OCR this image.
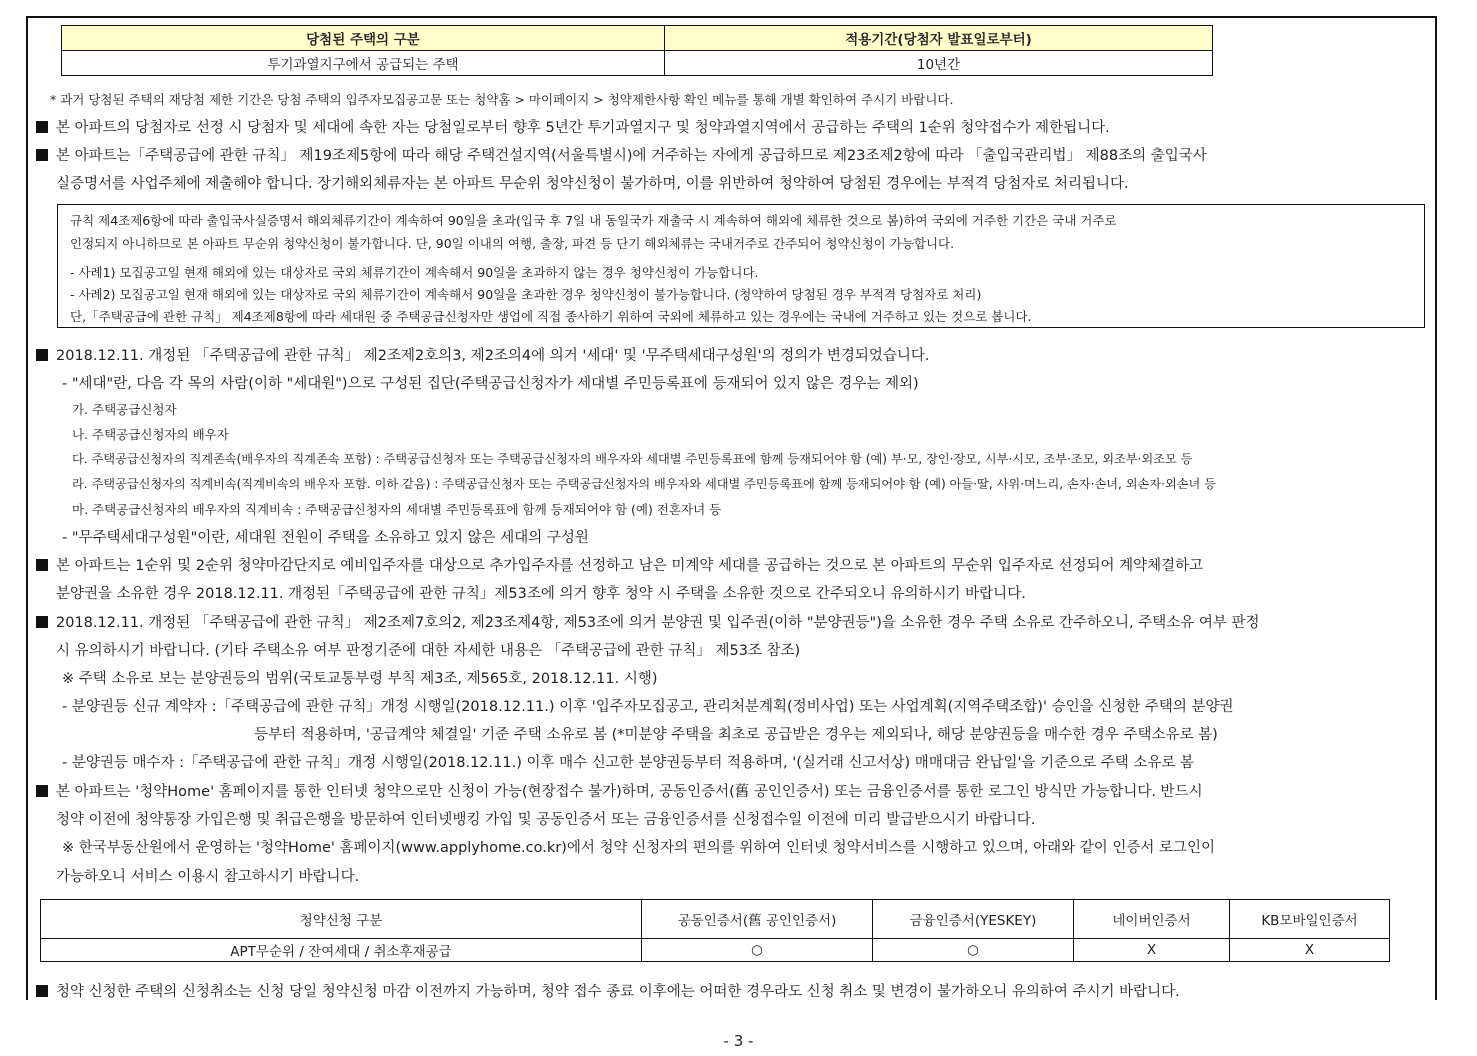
당첨된 주택의 구분	적용기간(당첨자 발표일로부터)
투기과열지구에서 공급되는 주택	10년간
* 과거 당첨된 주택의 재당첨 제한 기간은 당첨 주택의 입주자모집공고문 또는 청약홈 > 마이페이지 > 청약제한사항 확인 메뉴를 통해 개별 확인하여 주시기 바랍니다.
본 아파트의 당첨자로 선정 시 당첨자 및 세대에 속한 자는 당첨일로부터 향후 5년간 투기과열지구 및 청약과열지역에서 공급하는 주택의 1순위 청약접수가 제한됩니다.
본 아파트는「주택공급에 관한 규칙」 제19조제5항에 따라 해당 주택건설지역(서울특별시)에 거주하는 자에게 공급하므로 제23조제2항에 따라 「출입국관리법」 제88조의 출입국사
실증명서를 사업주체에 제출해야 합니다. 장기해외체류자는 본 아파트 무순위 청약신청이 불가하며, 이를 위반하여 청약하여 당첨된 경우에는 부적격 당첨자로 처리됩니다.
규칙 제4조제6항에 따라 출입국사실증명서 해외체류기간이 계속하여 90일을 초과(입국 후 7일 내 동일국가 재출국 시 계속하여 해외에 체류한 것으로 봄)하여 국외에 거주한 기간은 국내 거주로
인정되지 아니하므로 본 아파트 무순위 청약신청이 불가합니다. 단, 90일 이내의 여행, 출장, 파견 등 단기 해외체류는 국내거주로 간주되어 청약신청이 가능합니다.
- 사례1) 모집공고일 현재 해외에 있는 대상자로 국외 체류기간이 계속해서 90일을 초과하지 않는 경우 청약신청이 가능합니다.
- 사례2) 모집공고일 현재 해외에 있는 대상자로 국외 체류기간이 계속해서 90일을 초과한 경우 청약신청이 불가능합니다. (청약하여 당첨된 경우 부적격 당첨자로 처리)
단,「주택공급에 관한 규칙」 제4조제8항에 따라 세대원 중 주택공급신청자만 생업에 직접 종사하기 위하여 국외에 체류하고 있는 경우에는 국내에 거주하고 있는 것으로 봅니다.
2018.12.11. 개정된 「주택공급에 관한 규칙」 제2조제2호의3, 제2조의4에 의거 '세대' 및 '무주택세대구성원'의 정의가 변경되었습니다.
- "세대"란, 다음 각 목의 사람(이하 "세대원")으로 구성된 집단(주택공급신청자가 세대별 주민등록표에 등재되어 있지 않은 경우는 제외)
가. 주택공급신청자
나. 주택공급신청자의 배우자
다. 주택공급신청자의 직계존속(배우자의 직계존속 포함) : 주택공급신청자 또는 주택공급신청자의 배우자와 세대별 주민등록표에 함께 등재되어야 함 (예) 부·모, 장인·장모, 시부·시모, 조부·조모, 외조부·외조모 등
라. 주택공급신청자의 직계비속(직계비속의 배우자 포함. 이하 같음) : 주택공급신청자 또는 주택공급신청자의 배우자와 세대별 주민등록표에 함께 등재되어야 함 (예) 아들·딸, 사위·며느리, 손자·손녀, 외손자·외손녀 등
마. 주택공급신청자의 배우자의 직계비속 : 주택공급신청자의 세대별 주민등록표에 함께 등재되어야 함 (예) 전혼자녀 등
- "무주택세대구성원"이란, 세대원 전원이 주택을 소유하고 있지 않은 세대의 구성원
본 아파트는 1순위 및 2순위 청약마감단지로 예비입주자를 대상으로 추가입주자를 선정하고 남은 미계약 세대를 공급하는 것으로 본 아파트의 무순위 입주자로 선정되어 계약체결하고
분양권을 소유한 경우 2018.12.11. 개정된「주택공급에 관한 규칙」제53조에 의거 향후 청약 시 주택을 소유한 것으로 간주되오니 유의하시기 바랍니다.
2018.12.11. 개정된 「주택공급에 관한 규칙」 제2조제7호의2, 제23조제4항, 제53조에 의거 분양권 및 입주권(이하 "분양권등")을 소유한 경우 주택 소유로 간주하오니, 주택소유 여부 판정
시 유의하시기 바랍니다. (기타 주택소유 여부 판정기준에 대한 자세한 내용은 「주택공급에 관한 규칙」 제53조 참조)
※ 주택 소유로 보는 분양권등의 범위(국토교통부령 부칙 제3조, 제565호, 2018.12.11. 시행)
- 분양권등 신규 계약자 :「주택공급에 관한 규칙」개정 시행일(2018.12.11.) 이후 '입주자모집공고, 관리처분계획(정비사업) 또는 사업계획(지역주택조합)' 승인을 신청한 주택의 분양권
등부터 적용하며, '공급계약 체결일' 기준 주택 소유로 봄 (*미분양 주택을 최초로 공급받은 경우는 제외되나, 해당 분양권등을 매수한 경우 주택소유로 봄)
- 분양권등 매수자 :「주택공급에 관한 규칙」개정 시행일(2018.12.11.) 이후 매수 신고한 분양권등부터 적용하며, '(실거래 신고서상) 매매대금 완납일'을 기준으로 주택 소유로 봄
본 아파트는 '청약Home' 홈페이지를 통한 인터넷 청약으로만 신청이 가능(현장접수 불가)하며, 공동인증서(舊 공인인증서) 또는 금융인증서를 통한 로그인 방식만 가능합니다. 반드시
청약 이전에 청약통장 가입은행 및 취급은행을 방문하여 인터넷뱅킹 가입 및 공동인증서 또는 금융인증서를 신청접수일 이전에 미리 발급받으시기 바랍니다.
※ 한국부동산원에서 운영하는 '청약Home' 홈페이지(www.applyhome.co.kr)에서 청약 신청자의 편의를 위하여 인터넷 청약서비스를 시행하고 있으며, 아래와 같이 인증서 로그인이
가능하오니 서비스 이용시 참고하시기 바랍니다.
청약신청 구분	공동인증서(舊 공인인증서)	금융인증서(YESKEY)	네이버인증서	KB모바일인증서
APT무순위 / 잔여세대 / 취소후재공급	○	○	X	X
청약 신청한 주택의 신청취소는 신청 당일 청약신청 마감 이전까지 가능하며, 청약 접수 종료 이후에는 어떠한 경우라도 신청 취소 및 변경이 불가하오니 유의하여 주시기 바랍니다.
- 3 -
